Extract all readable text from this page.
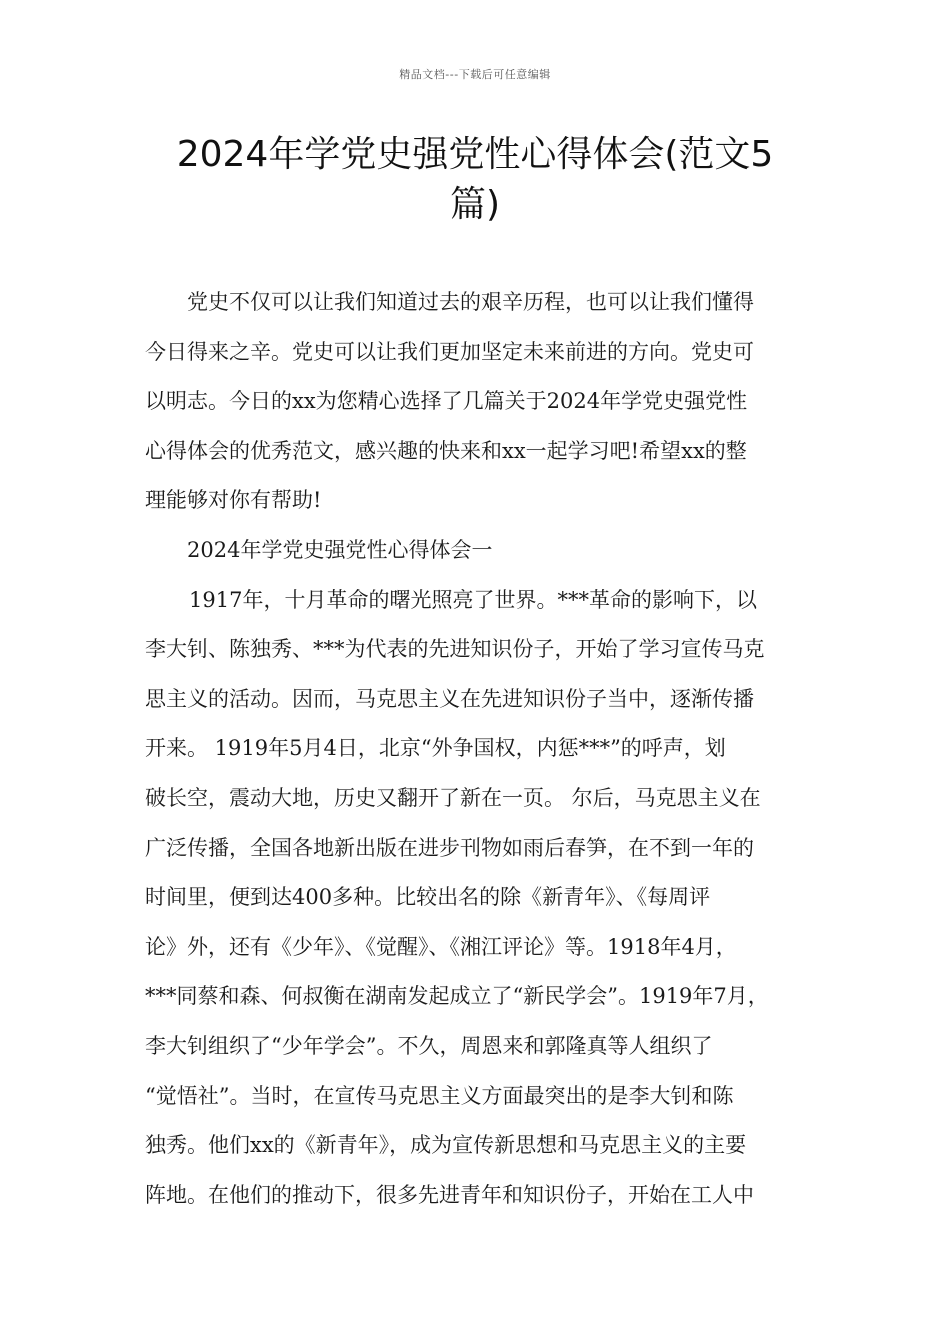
精品文档---下载后可任意编辑
2024年学党史强党性心得体会(范文5
篇)

党史不仅可以让我们知道过去的艰辛历程，也可以让我们懂得

今日得来之辛。党史可以让我们更加坚定未来前进的方向。党史可

以明志。今日的xx为您精心选择了几篇关于2024年学党史强党性

心得体会的优秀范文，感兴趣的快来和xx一起学习吧!希望xx的整

理能够对你有帮助!

2024年学党史强党性心得体会一

1917年，十月革命的曙光照亮了世界。***革命的影响下，以

李大钊、陈独秀、***为代表的先进知识份子，开始了学习宣传马克

思主义的活动。因而，马克思主义在先进知识份子当中，逐渐传播

开来。 1919年5月4日，北京“外争国权，内惩***”的呼声，划

破长空，震动大地，历史又翻开了新在一页。 尔后，马克思主义在

广泛传播，全国各地新出版在进步刊物如雨后春笋，在不到一年的

时间里，便到达400多种。比较出名的除《新青年》、《每周评

论》外，还有《少年》、《觉醒》、《湘江评论》等。1918年4月，

***同蔡和森、何叔衡在湖南发起成立了“新民学会”。1919年7月，

李大钊组织了“少年学会”。不久，周恩来和郭隆真等人组织了

“觉悟社”。当时，在宣传马克思主义方面最突出的是李大钊和陈

独秀。他们xx的《新青年》，成为宣传新思想和马克思主义的主要

阵地。在他们的推动下，很多先进青年和知识份子，开始在工人中
